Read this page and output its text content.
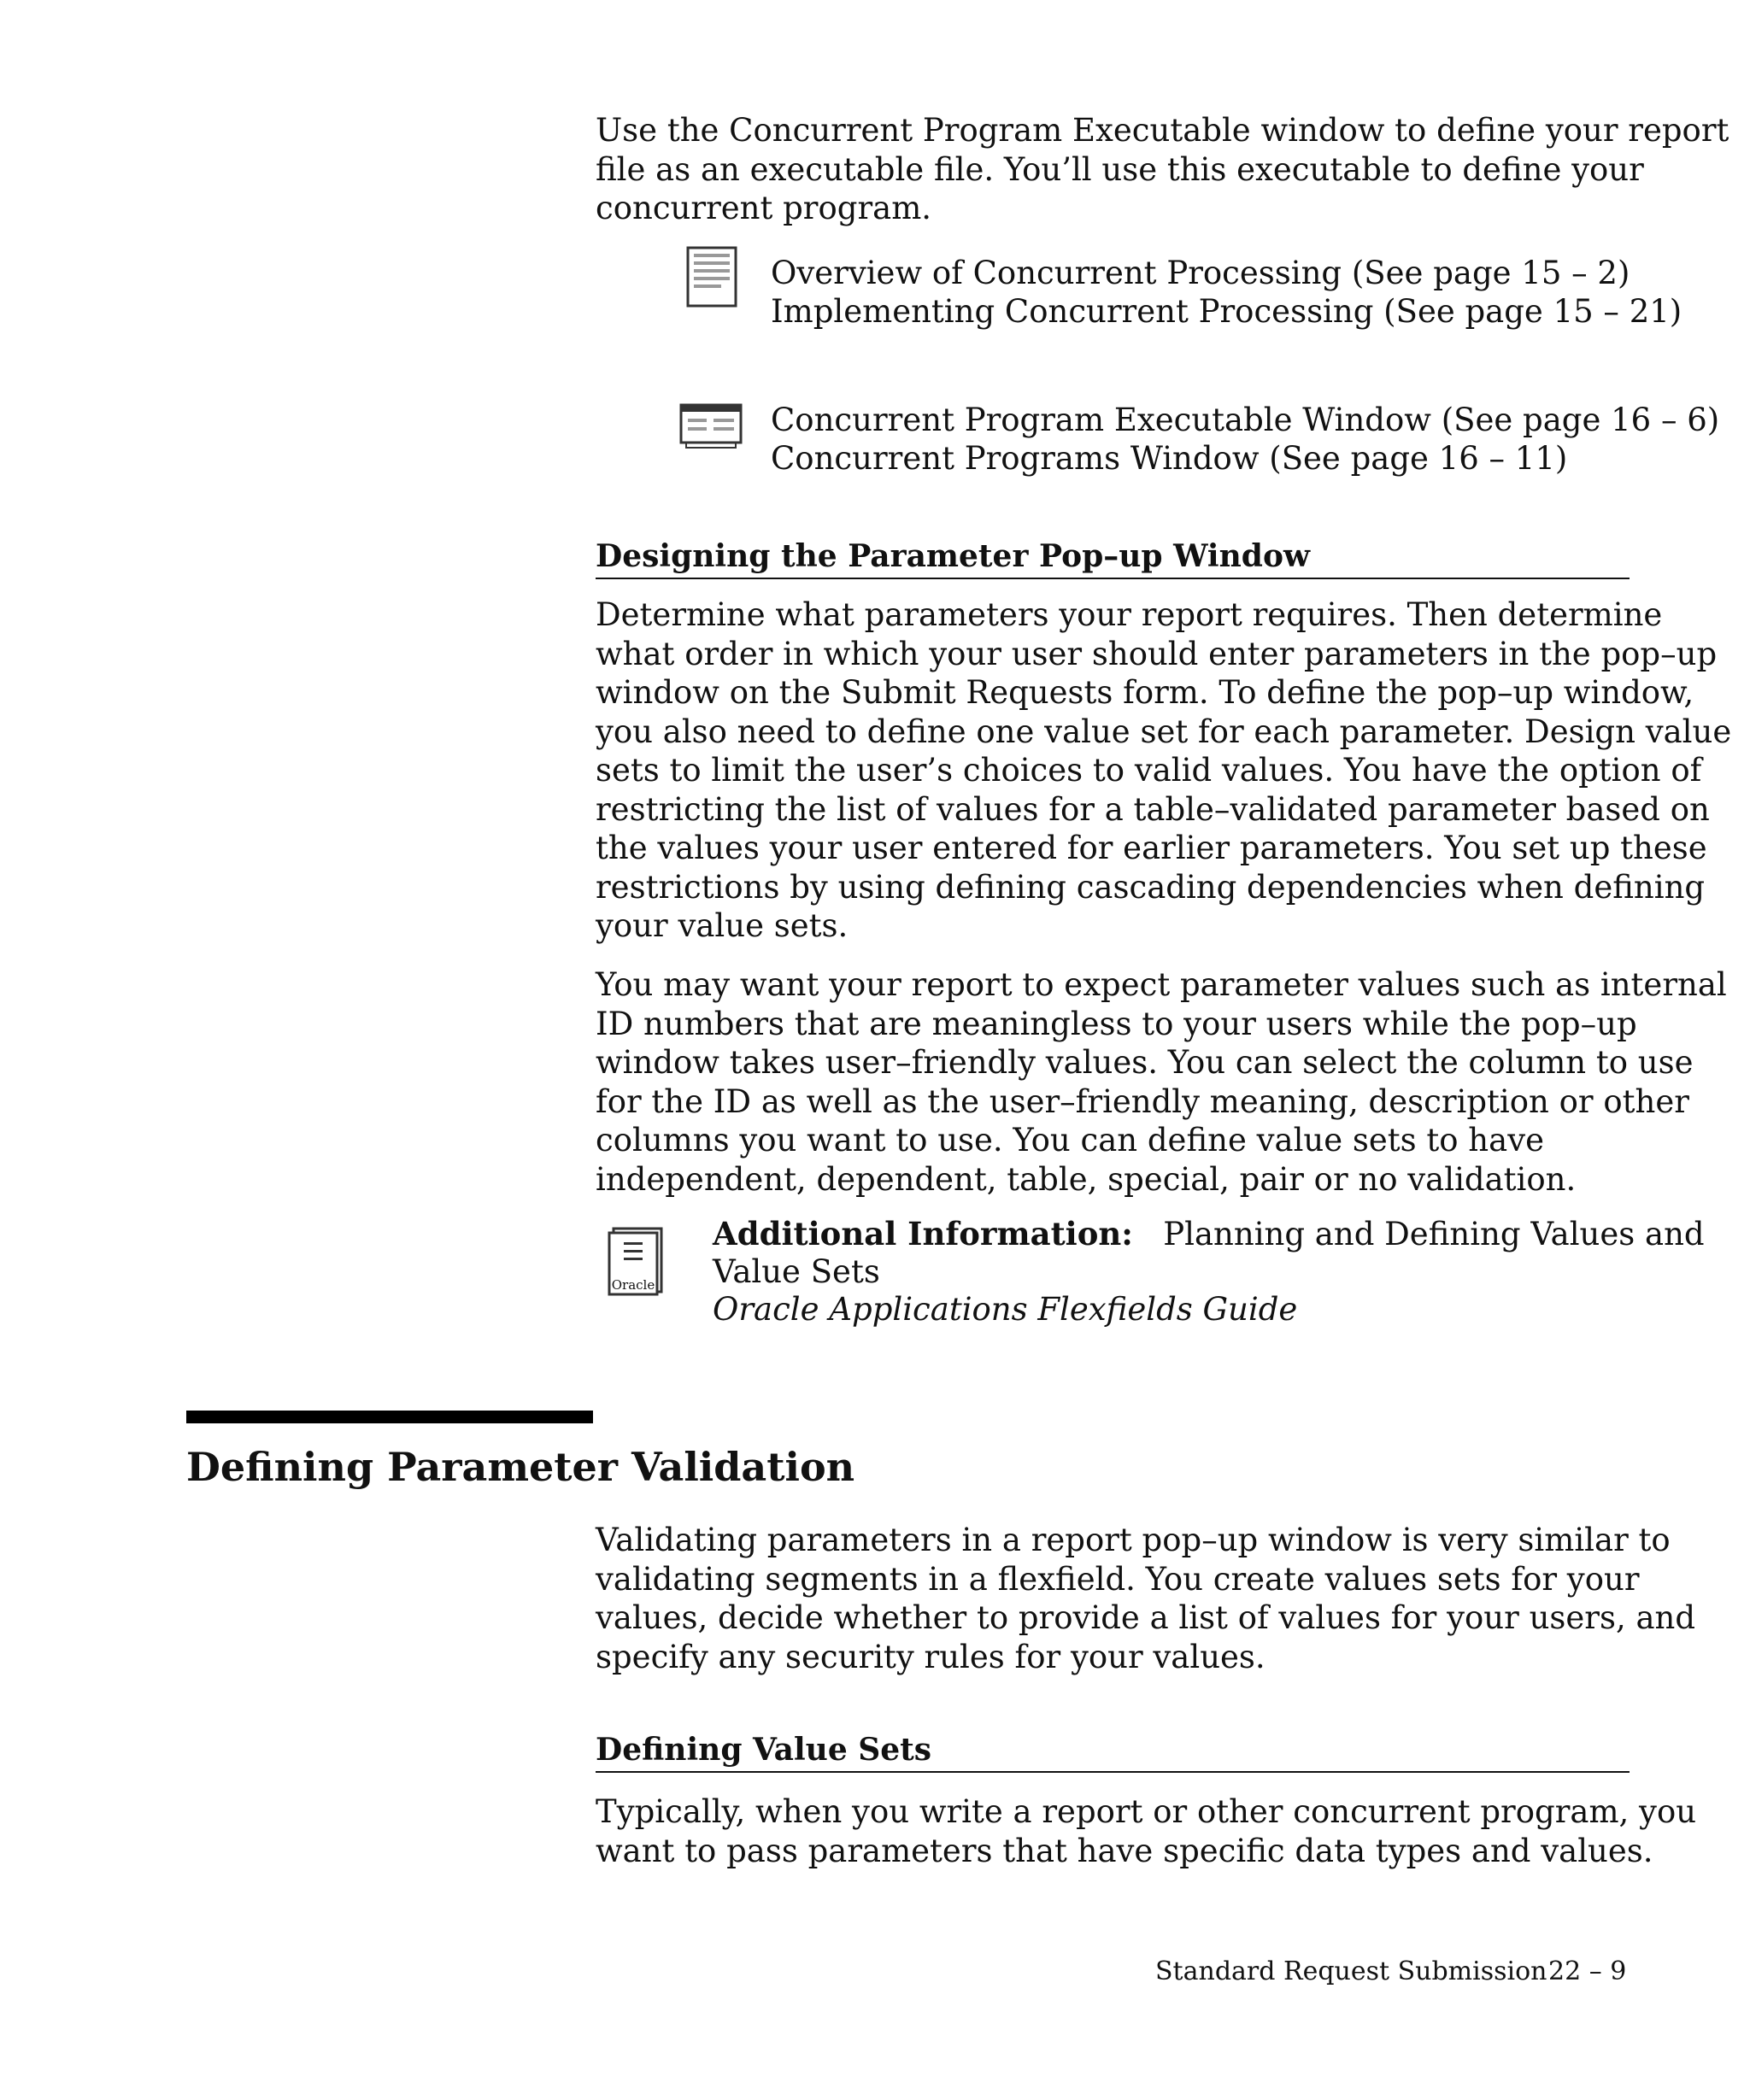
Use the Concurrent Program Executable window to define your report
file as an executable file. You’ll use this executable to define your
concurrent program.
Overview of Concurrent Processing (See page 15 – 2)
Implementing Concurrent Processing (See page 15 – 21)
Concurrent Program Executable Window (See page 16 – 6)
Concurrent Programs Window (See page 16 – 11)
Designing the Parameter Pop–up Window
Determine what parameters your report requires. Then determine
what order in which your user should enter parameters in the pop–up
window on the Submit Requests form. To define the pop–up window,
you also need to define one value set for each parameter. Design value
sets to limit the user’s choices to valid values. You have the option of
restricting the list of values for a table–validated parameter based on
the values your user entered for earlier parameters. You set up these
restrictions by using defining cascading dependencies when defining
your value sets.
You may want your report to expect parameter values such as internal
ID numbers that are meaningless to your users while the pop–up
window takes user–friendly values. You can select the column to use
for the ID as well as the user–friendly meaning, description or other
columns you want to use. You can define value sets to have
independent, dependent, table, special, pair or no validation.
Oracle
Additional Information: Planning and Defining Values and
Value Sets
Oracle Applications Flexfields Guide
Defining Parameter Validation
Validating parameters in a report pop–up window is very similar to
validating segments in a flexfield. You create values sets for your
values, decide whether to provide a list of values for your users, and
specify any security rules for your values.
Defining Value Sets
Typically, when you write a report or other concurrent program, you
want to pass parameters that have specific data types and values.
Standard Request Submission 22 – 9
